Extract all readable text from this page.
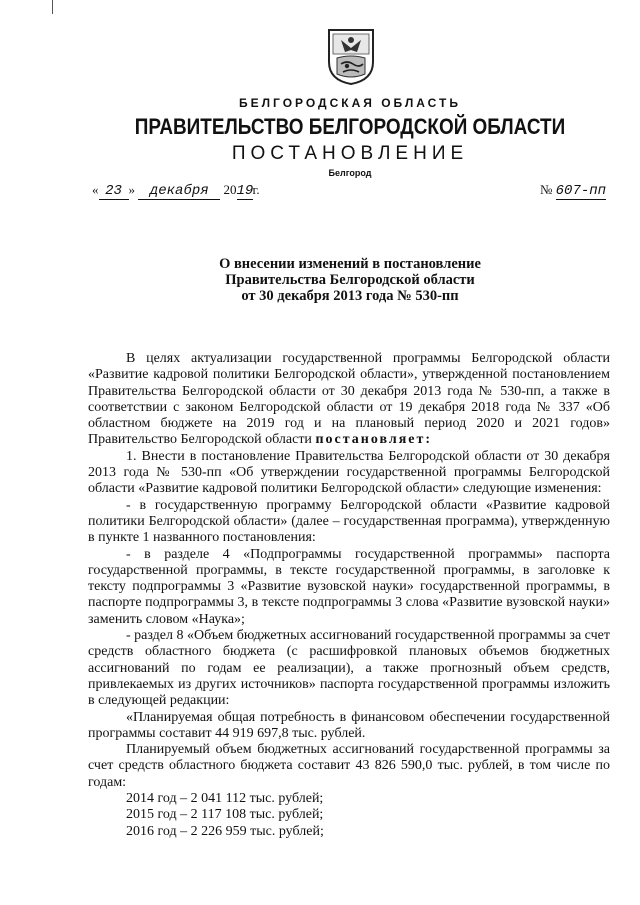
БЕЛГОРОДСКАЯ ОБЛАСТЬ
ПРАВИТЕЛЬСТВО БЕЛГОРОДСКОЙ ОБЛАСТИ
ПОСТАНОВЛЕНИЕ
Белгород
« 23 » декабря 2019г.	№ 607-пп
О внесении изменений в постановление
Правительства Белгородской области
от 30 декабря 2013 года № 530-пп

В целях актуализации государственной программы Белгородской области «Развитие кадровой политики Белгородской области», утвержденной постановлением Правительства Белгородской области от 30 декабря 2013 года № 530-пп, а также в соответствии с законом Белгородской области от 19 декабря 2018 года № 337 «Об областном бюджете на 2019 год и на плановый период 2020 и 2021 годов» Правительство Белгородской области постановляет:

1. Внести в постановление Правительства Белгородской области от 30 декабря 2013 года № 530-пп «Об утверждении государственной программы Белгородской области «Развитие кадровой политики Белгородской области» следующие изменения:

- в государственную программу Белгородской области «Развитие кадровой политики Белгородской области» (далее – государственная программа), утвержденную в пункте 1 названного постановления:

- в разделе 4 «Подпрограммы государственной программы» паспорта государственной программы, в тексте государственной программы, в заголовке к тексту подпрограммы 3 «Развитие вузовской науки» государственной программы, в паспорте подпрограммы 3, в тексте подпрограммы 3 слова «Развитие вузовской науки» заменить словом «Наука»;

- раздел 8 «Объем бюджетных ассигнований государственной программы за счет средств областного бюджета (с расшифровкой плановых объемов бюджетных ассигнований по годам ее реализации), а также прогнозный объем средств, привлекаемых из других источников» паспорта государственной программы изложить в следующей редакции:

«Планируемая общая потребность в финансовом обеспечении государственной программы составит 44 919 697,8 тыс. рублей.

Планируемый объем бюджетных ассигнований государственной программы за счет средств областного бюджета составит 43 826 590,0 тыс. рублей, в том числе по годам:

2014 год – 2 041 112 тыс. рублей;

2015 год – 2 117 108 тыс. рублей;

2016 год – 2 226 959 тыс. рублей;
